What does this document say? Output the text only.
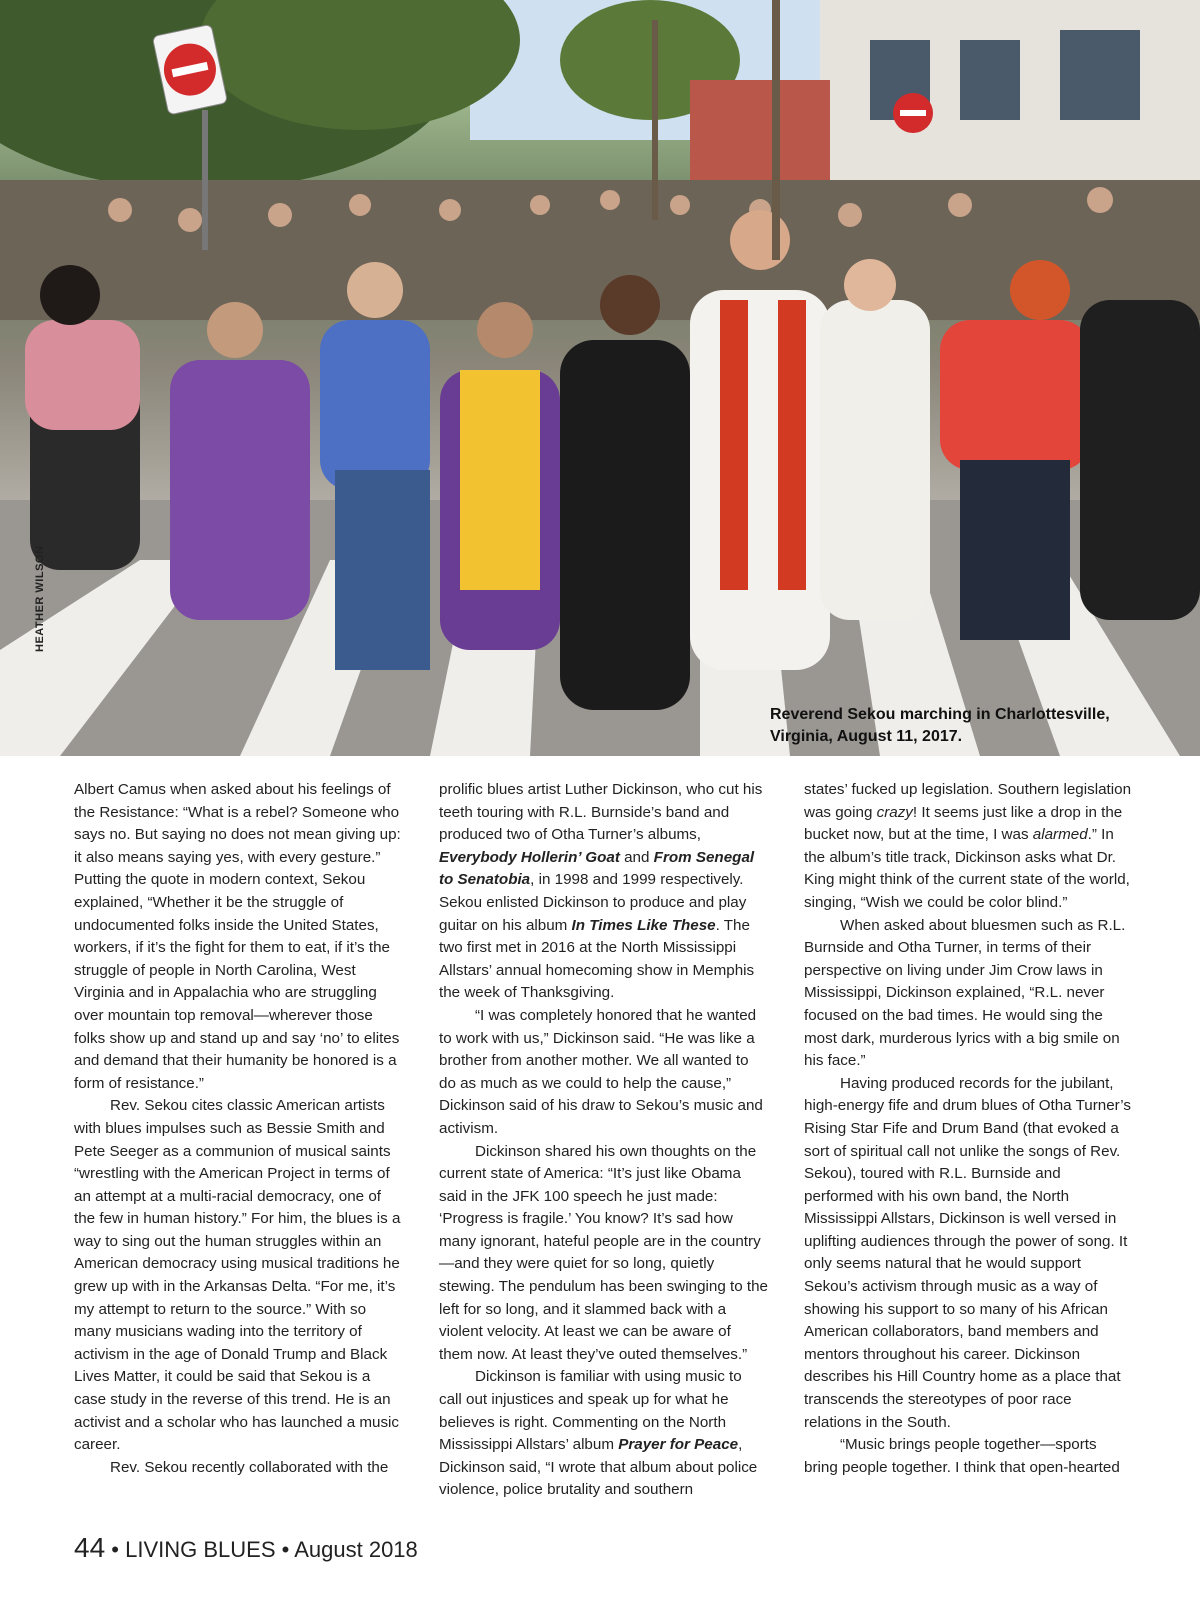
HEATHER WILSON
Reverend Sekou marching in Charlottesville,
Virginia, August 11, 2017.

Albert Camus when asked about his feelings of the Resistance: “What is a rebel? Someone who says no. But saying no does not mean giving up: it also means saying yes, with every gesture.” Putting the quote in modern context, Sekou explained, “Whether it be the struggle of undocumented folks inside the United States, workers, if it’s the fight for them to eat, if it’s the struggle of people in North Carolina, West Virginia and in Appalachia who are struggling over mountain top removal—wherever those folks show up and stand up and say ‘no’ to elites and demand that their humanity be honored is a form of resistance.”

Rev. Sekou cites classic American artists with blues impulses such as Bessie Smith and Pete Seeger as a communion of musical saints “wrestling with the American Project in terms of an attempt at a multi-racial democracy, one of the few in human history.” For him, the blues is a way to sing out the human struggles within an American democracy using musical traditions he grew up with in the Arkansas Delta. “For me, it’s my attempt to return to the source.” With so many musicians wading into the territory of activism in the age of Donald Trump and Black Lives Matter, it could be said that Sekou is a case study in the reverse of this trend. He is an activist and a scholar who has launched a music career.

Rev. Sekou recently collaborated with the

prolific blues artist Luther Dickinson, who cut his teeth touring with R.L. Burnside’s band and produced two of Otha Turner’s albums, Everybody Hollerin’ Goat and From Senegal to Senatobia, in 1998 and 1999 respectively. Sekou enlisted Dickinson to produce and play guitar on his album In Times Like These. The two first met in 2016 at the North Mississippi Allstars’ annual homecoming show in Memphis the week of Thanksgiving.

“I was completely honored that he wanted to work with us,” Dickinson said. “He was like a brother from another mother. We all wanted to do as much as we could to help the cause,” Dickinson said of his draw to Sekou’s music and activism.

Dickinson shared his own thoughts on the current state of America: “It’s just like Obama said in the JFK 100 speech he just made: ‘Progress is fragile.’ You know? It’s sad how many ignorant, hateful people are in the country—and they were quiet for so long, quietly stewing. The pendulum has been swinging to the left for so long, and it slammed back with a violent velocity. At least we can be aware of them now. At least they’ve outed themselves.”

Dickinson is familiar with using music to call out injustices and speak up for what he believes is right. Commenting on the North Mississippi Allstars’ album Prayer for Peace, Dickinson said, “I wrote that album about police violence, police brutality and southern

states’ fucked up legislation. Southern legislation was going crazy! It seems just like a drop in the bucket now, but at the time, I was alarmed.” In the album’s title track, Dickinson asks what Dr. King might think of the current state of the world, singing, “Wish we could be color blind.”

When asked about bluesmen such as R.L. Burnside and Otha Turner, in terms of their perspective on living under Jim Crow laws in Mississippi, Dickinson explained, “R.L. never focused on the bad times. He would sing the most dark, murderous lyrics with a big smile on his face.”

Having produced records for the jubilant, high-energy fife and drum blues of Otha Turner’s Rising Star Fife and Drum Band (that evoked a sort of spiritual call not unlike the songs of Rev. Sekou), toured with R.L. Burnside and performed with his own band, the North Mississippi Allstars, Dickinson is well versed in uplifting audiences through the power of song. It only seems natural that he would support Sekou’s activism through music as a way of showing his support to so many of his African American collaborators, band members and mentors throughout his career. Dickinson describes his Hill Country home as a place that transcends the stereotypes of poor race relations in the South.

“Music brings people together—sports bring people together. I think that open-hearted

44 • LIVING BLUES • August 2018
